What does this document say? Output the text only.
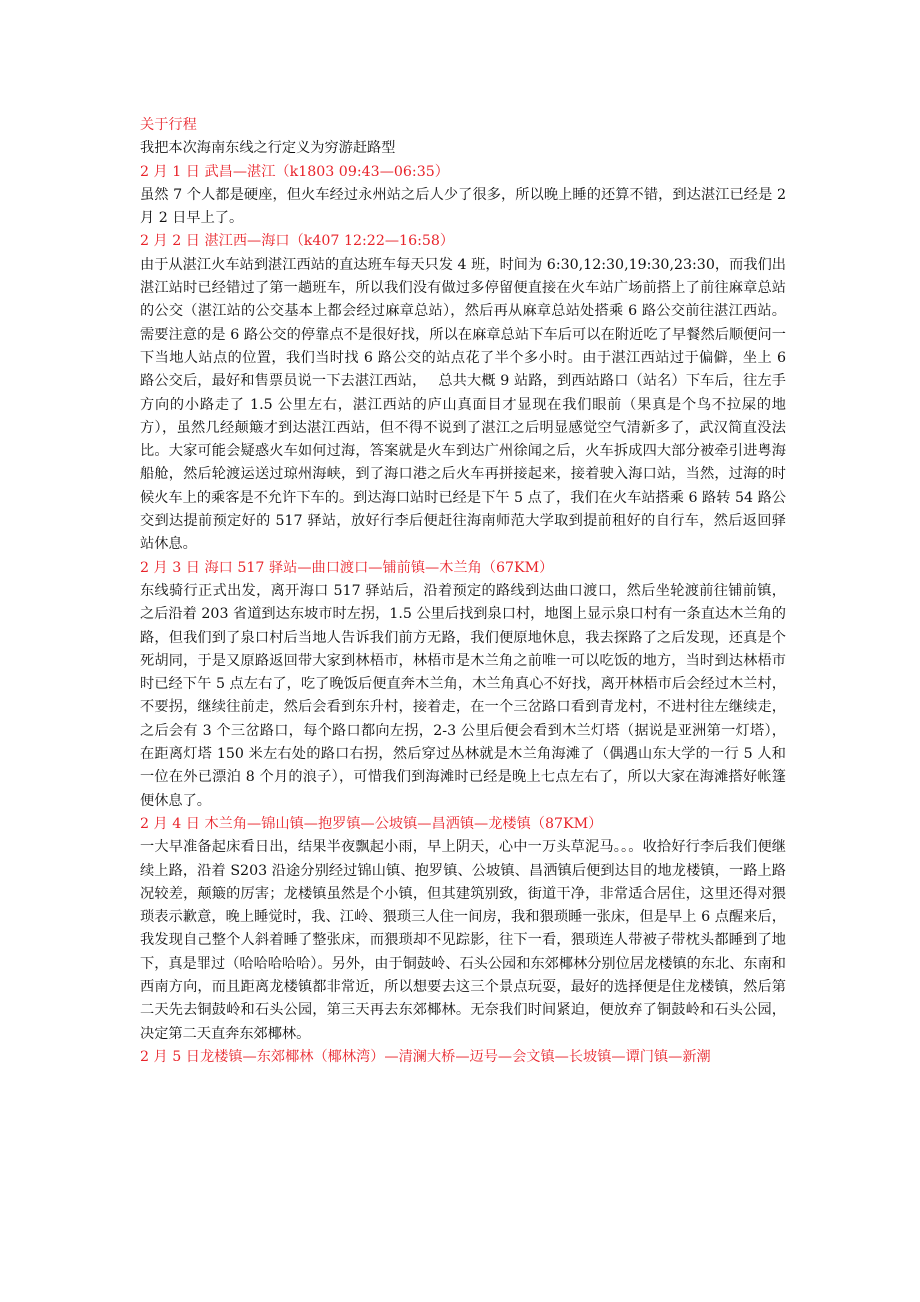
关于行程

我把本次海南东线之行定义为穷游赶路型

2 月 1 日 武昌—湛江（k1803 09:43—06:35）

虽然 7 个人都是硬座，但火车经过永州站之后人少了很多，所以晚上睡的还算不错，到达湛江已经是 2 月 2 日早上了。

2 月 2 日 湛江西—海口（k407 12:22—16:58）

由于从湛江火车站到湛江西站的直达班车每天只发 4 班，时间为 6:30,12:30,19:30,23:30，而我们出湛江站时已经错过了第一趟班车，所以我们没有做过多停留便直接在火车站广场前搭上了前往麻章总站的公交（湛江站的公交基本上都会经过麻章总站），然后再从麻章总站处搭乘 6 路公交前往湛江西站。需要注意的是 6 路公交的停靠点不是很好找，所以在麻章总站下车后可以在附近吃了早餐然后顺便问一下当地人站点的位置，我们当时找 6 路公交的站点花了半个多小时。由于湛江西站过于偏僻，坐上 6 路公交后，最好和售票员说一下去湛江西站，　 总共大概 9 站路，到西站路口（站名）下车后，往左手方向的小路走了 1.5 公里左右，湛江西站的庐山真面目才显现在我们眼前（果真是个鸟不拉屎的地方），虽然几经颠簸才到达湛江西站，但不得不说到了湛江之后明显感觉空气清新多了，武汉简直没法比。大家可能会疑惑火车如何过海，答案就是火车到达广州徐闻之后，火车拆成四大部分被牵引进粤海船舱，然后轮渡运送过琼州海峡，到了海口港之后火车再拼接起来，接着驶入海口站，当然，过海的时候火车上的乘客是不允许下车的。到达海口站时已经是下午 5 点了，我们在火车站搭乘 6 路转 54 路公交到达提前预定好的 517 驿站，放好行李后便赶往海南师范大学取到提前租好的自行车，然后返回驿站休息。

2 月 3 日 海口 517 驿站—曲口渡口—铺前镇—木兰角（67KM）

东线骑行正式出发，离开海口 517 驿站后，沿着预定的路线到达曲口渡口，然后坐轮渡前往铺前镇，之后沿着 203 省道到达东坡市时左拐，1.5 公里后找到泉口村，地图上显示泉口村有一条直达木兰角的路，但我们到了泉口村后当地人告诉我们前方无路，我们便原地休息，我去探路了之后发现，还真是个死胡同，于是又原路返回带大家到林梧市，林梧市是木兰角之前唯一可以吃饭的地方，当时到达林梧市时已经下午 5 点左右了，吃了晚饭后便直奔木兰角，木兰角真心不好找，离开林梧市后会经过木兰村，不要拐，继续往前走，然后会看到东升村，接着走，在一个三岔路口看到青龙村，不进村往左继续走，之后会有 3 个三岔路口，每个路口都向左拐，2-3 公里后便会看到木兰灯塔（据说是亚洲第一灯塔），在距离灯塔 150 米左右处的路口右拐，然后穿过丛林就是木兰角海滩了（偶遇山东大学的一行 5 人和一位在外已漂泊 8 个月的浪子），可惜我们到海滩时已经是晚上七点左右了，所以大家在海滩搭好帐篷便休息了。

2 月 4 日 木兰角—锦山镇—抱罗镇—公坡镇—昌洒镇—龙楼镇（87KM）

一大早准备起床看日出，结果半夜飘起小雨，早上阴天，心中一万头草泥马。。。收拾好行李后我们便继续上路，沿着 S203 沿途分别经过锦山镇、抱罗镇、公坡镇、昌洒镇后便到达目的地龙楼镇，一路上路况较差，颠簸的厉害；龙楼镇虽然是个小镇，但其建筑别致，街道干净，非常适合居住，这里还得对猥琐表示歉意，晚上睡觉时，我、江岭、猥琐三人住一间房，我和猥琐睡一张床，但是早上 6 点醒来后，我发现自己整个人斜着睡了整张床，而猥琐却不见踪影，往下一看，猥琐连人带被子带枕头都睡到了地下，真是罪过（哈哈哈哈哈）。另外，由于铜鼓岭、石头公园和东郊椰林分别位居龙楼镇的东北、东南和西南方向，而且距离龙楼镇都非常近，所以想要去这三个景点玩耍，最好的选择便是住龙楼镇，然后第二天先去铜鼓岭和石头公园，第三天再去东郊椰林。无奈我们时间紧迫，便放弃了铜鼓岭和石头公园，决定第二天直奔东郊椰林。

2 月 5 日龙楼镇—东郊椰林（椰林湾）—清澜大桥—迈号—会文镇—长坡镇—谭门镇—新潮
